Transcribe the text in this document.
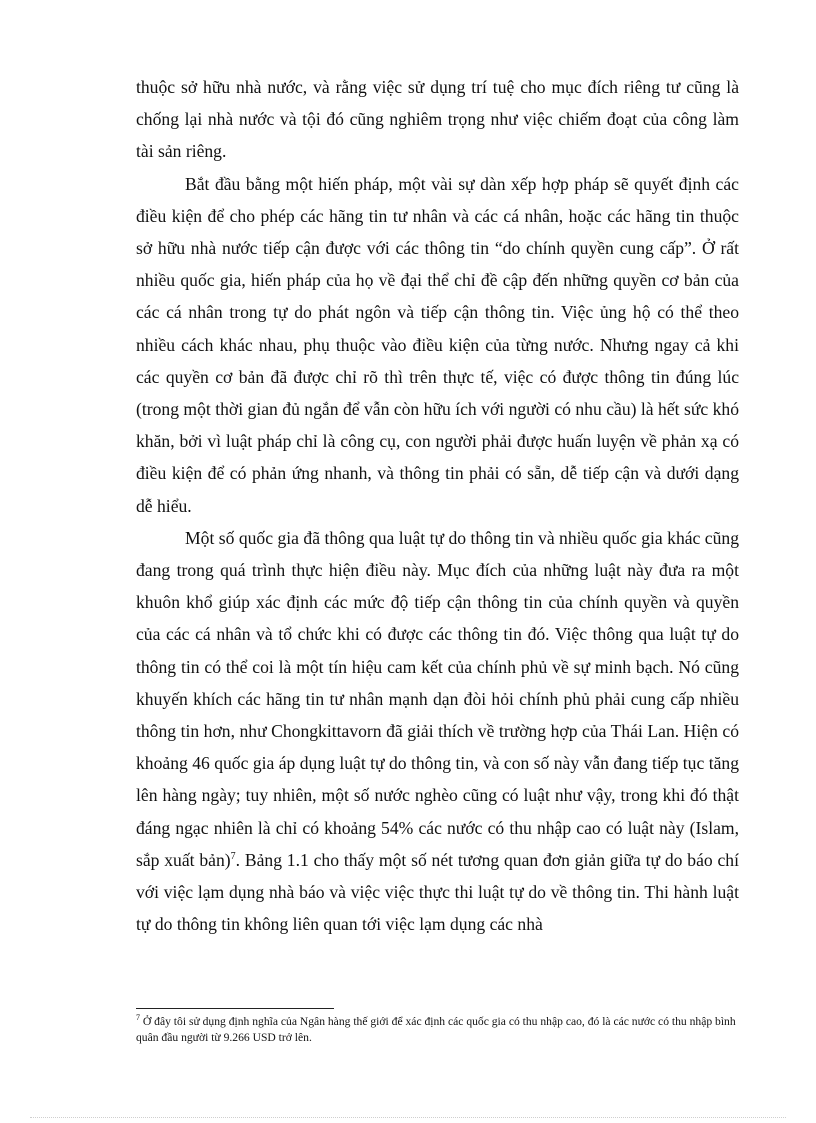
thuộc sở hữu nhà nước, và rằng việc sử dụng trí tuệ cho mục đích riêng tư cũng là chống lại nhà nước và tội đó cũng nghiêm trọng như việc chiếm đoạt của công làm tài sản riêng.

Bắt đầu bằng một hiến pháp, một vài sự dàn xếp hợp pháp sẽ quyết định các điều kiện để cho phép các hãng tin tư nhân và các cá nhân, hoặc các hãng tin thuộc sở hữu nhà nước tiếp cận được với các thông tin “do chính quyền cung cấp”. Ở rất nhiều quốc gia, hiến pháp của họ về đại thể chỉ đề cập đến những quyền cơ bản của các cá nhân trong tự do phát ngôn và tiếp cận thông tin. Việc ủng hộ có thể theo nhiều cách khác nhau, phụ thuộc vào điều kiện của từng nước. Nhưng ngay cả khi các quyền cơ bản đã được chỉ rõ thì trên thực tế, việc có được thông tin đúng lúc (trong một thời gian đủ ngắn để vẫn còn hữu ích với người có nhu cầu) là hết sức khó khăn, bởi vì luật pháp chỉ là công cụ, con người phải được huấn luyện về phản xạ có điều kiện để có phản ứng nhanh, và thông tin phải có sẵn, dễ tiếp cận và dưới dạng dễ hiểu.

Một số quốc gia đã thông qua luật tự do thông tin và nhiều quốc gia khác cũng đang trong quá trình thực hiện điều này. Mục đích của những luật này đưa ra một khuôn khổ giúp xác định các mức độ tiếp cận thông tin của chính quyền và quyền của các cá nhân và tổ chức khi có được các thông tin đó. Việc thông qua luật tự do thông tin có thể coi là một tín hiệu cam kết của chính phủ về sự minh bạch. Nó cũng khuyến khích các hãng tin tư nhân mạnh dạn đòi hỏi chính phủ phải cung cấp nhiều thông tin hơn, như Chongkittavorn đã giải thích về trường hợp của Thái Lan. Hiện có khoảng 46 quốc gia áp dụng luật tự do thông tin, và con số này vẫn đang tiếp tục tăng lên hàng ngày; tuy nhiên, một số nước nghèo cũng có luật như vậy, trong khi đó thật đáng ngạc nhiên là chỉ có khoảng 54% các nước có thu nhập cao có luật này (Islam, sắp xuất bản)$^7$. Bảng 1.1 cho thấy một số nét tương quan đơn giản giữa tự do báo chí với việc lạm dụng nhà báo và việc việc thực thi luật tự do về thông tin. Thi hành luật tự do thông tin không liên quan tới việc lạm dụng các nhà

$^7$ Ở đây tôi sử dụng định nghĩa của Ngân hàng thế giới để xác định các quốc gia có thu nhập cao, đó là các nước có thu nhập bình quân đầu người từ 9.266 USD trở lên.
